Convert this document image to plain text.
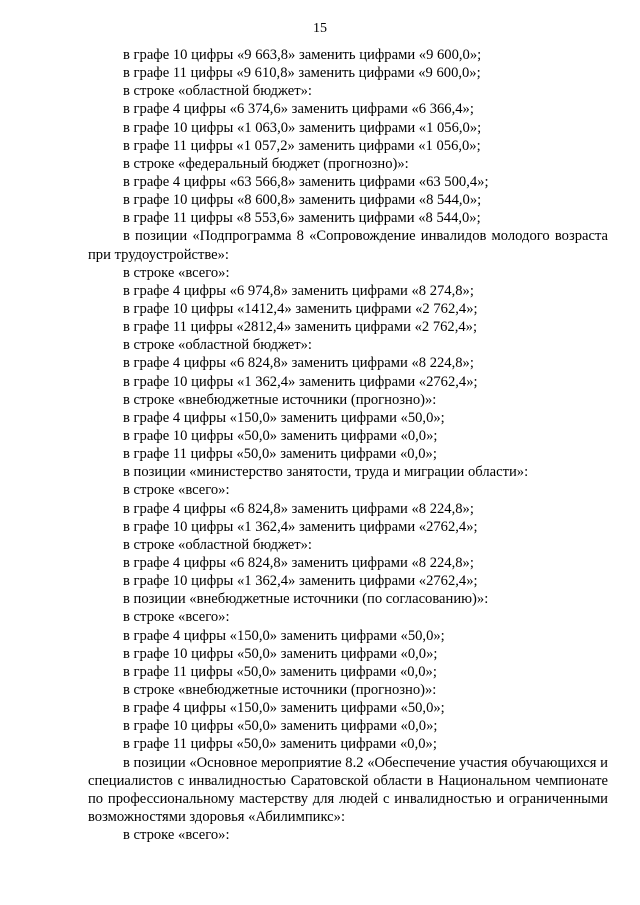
15
в графе 10 цифры «9 663,8» заменить цифрами «9 600,0»;
в графе 11 цифры «9 610,8» заменить цифрами «9 600,0»;
в строке «областной бюджет»:
в графе 4 цифры «6 374,6» заменить цифрами «6 366,4»;
в графе 10 цифры «1 063,0» заменить цифрами «1 056,0»;
в графе 11 цифры «1 057,2» заменить цифрами «1 056,0»;
в строке «федеральный бюджет (прогнозно)»:
в графе 4 цифры «63 566,8» заменить цифрами «63 500,4»;
в графе 10 цифры «8 600,8» заменить цифрами «8 544,0»;
в графе 11 цифры «8 553,6» заменить цифрами «8 544,0»;

в позиции «Подпрограмма 8 «Сопровождение инвалидов молодого возраста при трудоустройстве»:

в строке «всего»:
в графе 4 цифры «6 974,8» заменить цифрами «8 274,8»;
в графе 10 цифры «1412,4» заменить цифрами «2 762,4»;
в графе 11 цифры «2812,4» заменить цифрами «2 762,4»;
в строке «областной бюджет»:
в графе 4 цифры «6 824,8» заменить цифрами «8 224,8»;
в графе 10 цифры «1 362,4» заменить цифрами «2762,4»;
в строке «внебюджетные источники (прогнозно)»:
в графе 4 цифры «150,0» заменить цифрами «50,0»;
в графе 10 цифры «50,0» заменить цифрами «0,0»;
в графе 11 цифры «50,0» заменить цифрами «0,0»;
в позиции «министерство занятости, труда и миграции области»:
в строке «всего»:
в графе 4 цифры «6 824,8» заменить цифрами «8 224,8»;
в графе 10 цифры «1 362,4» заменить цифрами «2762,4»;
в строке «областной бюджет»:
в графе 4 цифры «6 824,8» заменить цифрами «8 224,8»;
в графе 10 цифры «1 362,4» заменить цифрами «2762,4»;
в позиции «внебюджетные источники (по согласованию)»:
в строке «всего»:
в графе 4 цифры «150,0» заменить цифрами «50,0»;
в графе 10 цифры «50,0» заменить цифрами «0,0»;
в графе 11 цифры «50,0» заменить цифрами «0,0»;
в строке «внебюджетные источники (прогнозно)»:
в графе 4 цифры «150,0» заменить цифрами «50,0»;
в графе 10 цифры «50,0» заменить цифрами «0,0»;
в графе 11 цифры «50,0» заменить цифрами «0,0»;

в позиции «Основное мероприятие 8.2 «Обеспечение участия обучающихся и специалистов с инвалидностью Саратовской области в Национальном чемпионате по профессиональному мастерству для людей с инвалидностью и ограниченными возможностями здоровья «Абилимпикс»:

в строке «всего»:
